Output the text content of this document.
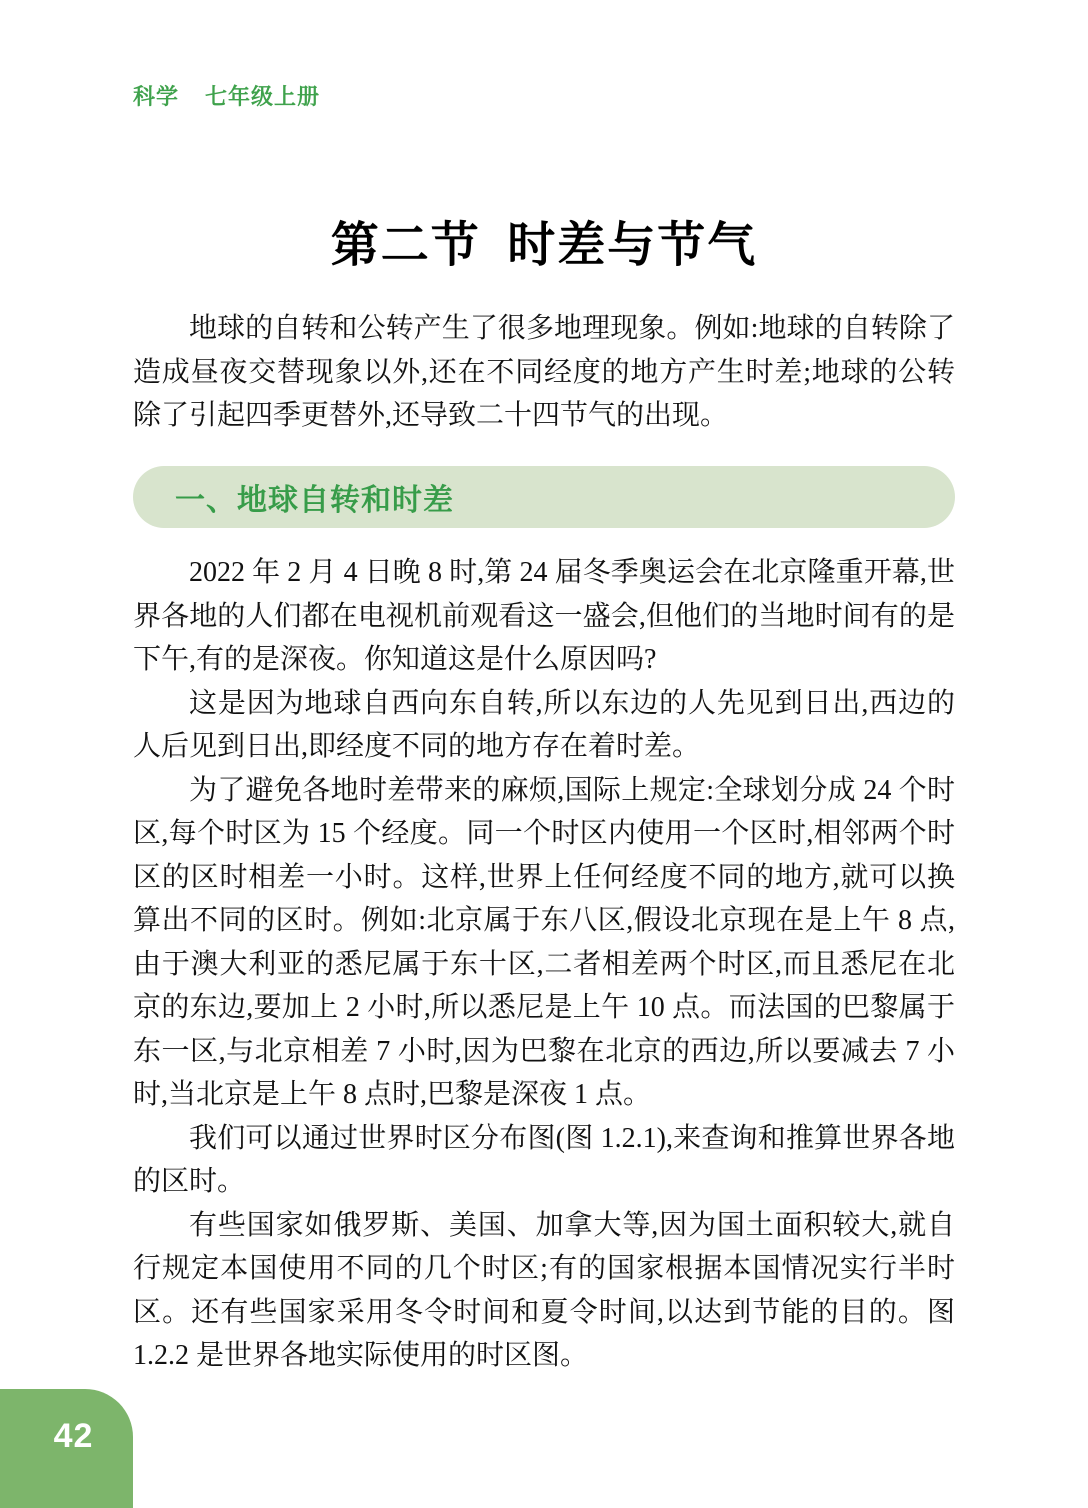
科学 七年级上册
第二节 时差与节气

地球的自转和公转产生了很多地理现象。例如:地球的自转除了造成昼夜交替现象以外,还在不同经度的地方产生时差;地球的公转除了引起四季更替外,还导致二十四节气的出现。

一、地球自转和时差

2022 年 2 月 4 日晚 8 时,第 24 届冬季奥运会在北京隆重开幕,世界各地的人们都在电视机前观看这一盛会,但他们的当地时间有的是下午,有的是深夜。你知道这是什么原因吗?

这是因为地球自西向东自转,所以东边的人先见到日出,西边的人后见到日出,即经度不同的地方存在着时差。

为了避免各地时差带来的麻烦,国际上规定:全球划分成 24 个时区,每个时区为 15 个经度。同一个时区内使用一个区时,相邻两个时区的区时相差一小时。这样,世界上任何经度不同的地方,就可以换算出不同的区时。例如:北京属于东八区,假设北京现在是上午 8 点,由于澳大利亚的悉尼属于东十区,二者相差两个时区,而且悉尼在北京的东边,要加上 2 小时,所以悉尼是上午 10 点。而法国的巴黎属于东一区,与北京相差 7 小时,因为巴黎在北京的西边,所以要减去 7 小时,当北京是上午 8 点时,巴黎是深夜 1 点。

我们可以通过世界时区分布图(图 1.2.1),来查询和推算世界各地的区时。

有些国家如俄罗斯、美国、加拿大等,因为国土面积较大,就自行规定本国使用不同的几个时区;有的国家根据本国情况实行半时区。还有些国家采用冬令时间和夏令时间,以达到节能的目的。图 1.2.2 是世界各地实际使用的时区图。

42
